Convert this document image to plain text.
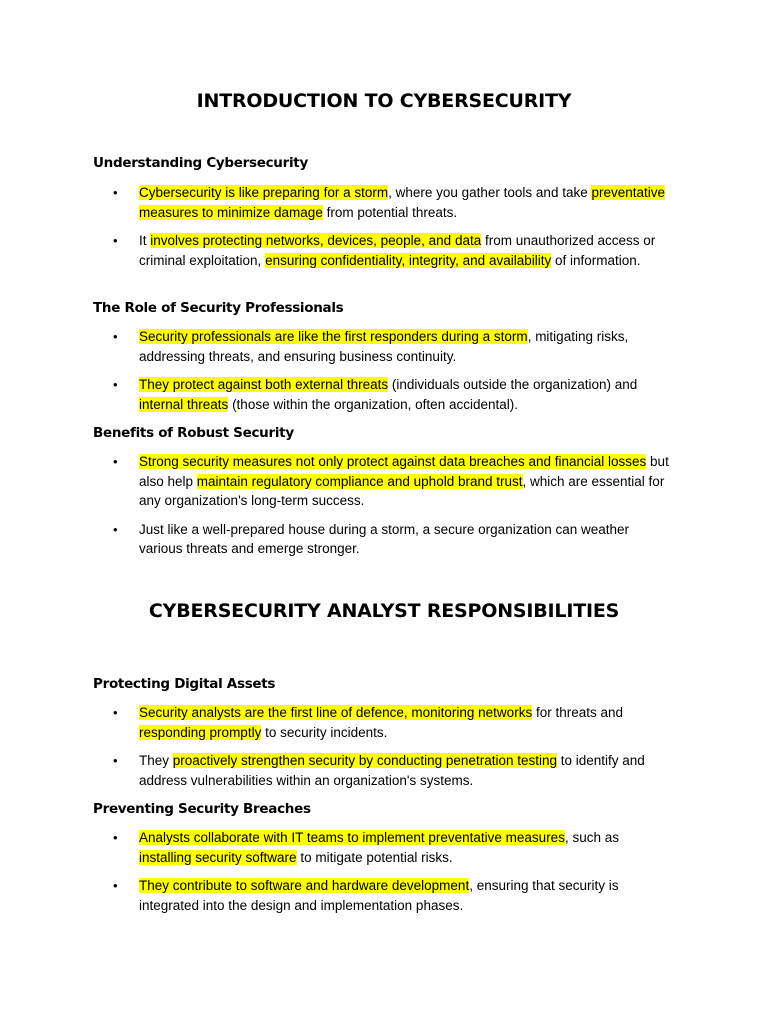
INTRODUCTION TO CYBERSECURITY
Understanding Cybersecurity
• Cybersecurity is like preparing for a storm, where you gather tools and take preventative measures to minimize damage from potential threats.
• It involves protecting networks, devices, people, and data from unauthorized access or criminal exploitation, ensuring confidentiality, integrity, and availability of information.
The Role of Security Professionals
• Security professionals are like the first responders during a storm, mitigating risks, addressing threats, and ensuring business continuity.
• They protect against both external threats (individuals outside the organization) and internal threats (those within the organization, often accidental).
Benefits of Robust Security
• Strong security measures not only protect against data breaches and financial losses but also help maintain regulatory compliance and uphold brand trust, which are essential for any organization's long-term success.
• Just like a well-prepared house during a storm, a secure organization can weather various threats and emerge stronger.
CYBERSECURITY ANALYST RESPONSIBILITIES
Protecting Digital Assets
• Security analysts are the first line of defence, monitoring networks for threats and responding promptly to security incidents.
• They proactively strengthen security by conducting penetration testing to identify and address vulnerabilities within an organization's systems.
Preventing Security Breaches
• Analysts collaborate with IT teams to implement preventative measures, such as installing security software to mitigate potential risks.
• They contribute to software and hardware development, ensuring that security is integrated into the design and implementation phases.
